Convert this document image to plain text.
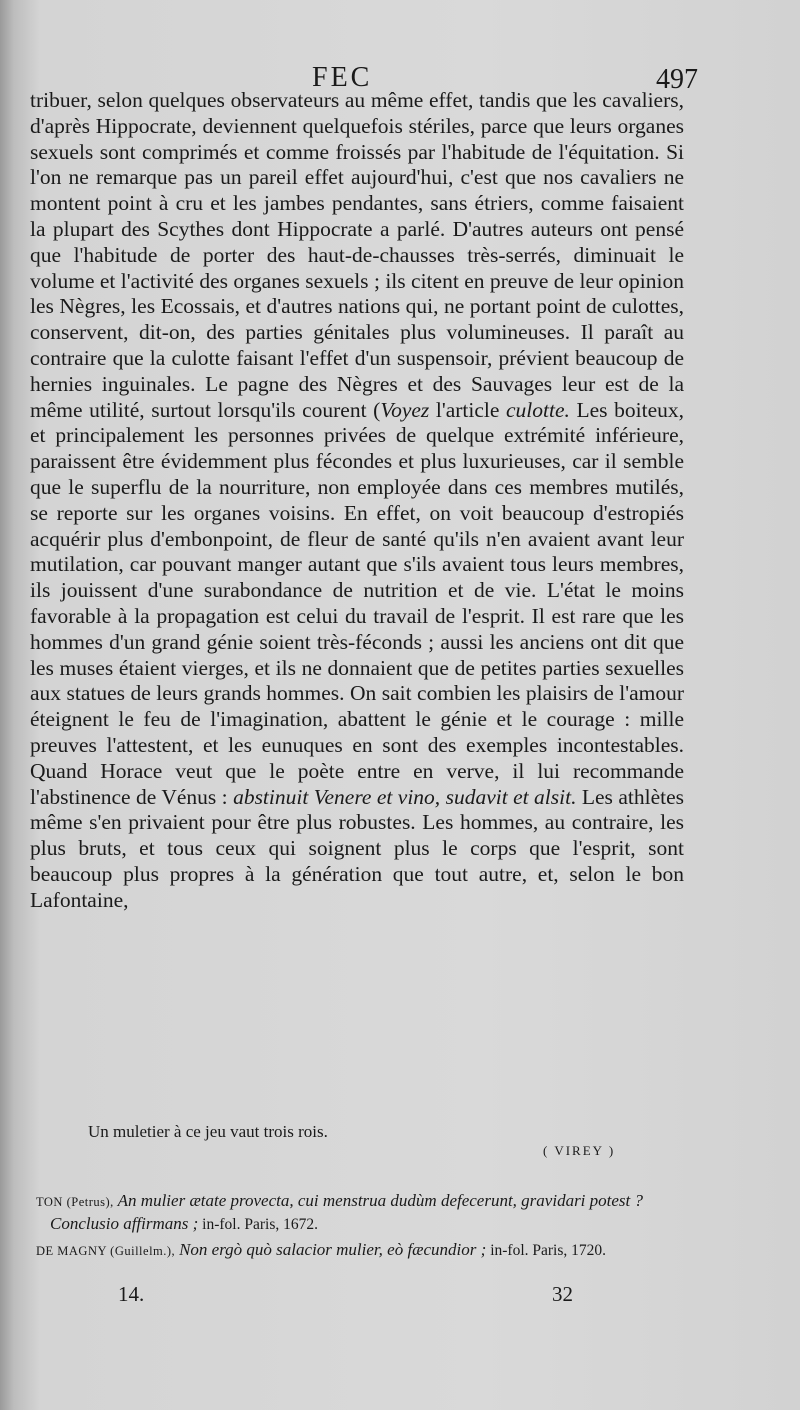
FEC	497

tribuer, selon quelques observateurs au même effet, tandis que les cavaliers, d'après Hippocrate, deviennent quelquefois stériles, parce que leurs organes sexuels sont comprimés et comme froissés par l'habitude de l'équitation. Si l'on ne remarque pas un pareil effet aujourd'hui, c'est que nos cavaliers ne montent point à cru et les jambes pendantes, sans étriers, comme faisaient la plupart des Scythes dont Hippocrate a parlé. D'autres auteurs ont pensé que l'habitude de porter des haut-de-chausses très-serrés, diminuait le volume et l'activité des organes sexuels ; ils citent en preuve de leur opinion les Nègres, les Ecossais, et d'autres nations qui, ne portant point de culottes, conservent, dit-on, des parties génitales plus volumineuses. Il paraît au contraire que la culotte faisant l'effet d'un suspensoir, prévient beaucoup de hernies inguinales. Le pagne des Nègres et des Sauvages leur est de la même utilité, surtout lorsqu'ils courent (Voyez l'article culotte. Les boiteux, et principalement les personnes privées de quelque extrémité inférieure, paraissent être évidemment plus fécondes et plus luxurieuses, car il semble que le superflu de la nourriture, non employée dans ces membres mutilés, se reporte sur les organes voisins. En effet, on voit beaucoup d'estropiés acquérir plus d'embonpoint, de fleur de santé qu'ils n'en avaient avant leur mutilation, car pouvant manger autant que s'ils avaient tous leurs membres, ils jouissent d'une surabondance de nutrition et de vie. L'état le moins favorable à la propagation est celui du travail de l'esprit. Il est rare que les hommes d'un grand génie soient très-féconds ; aussi les anciens ont dit que les muses étaient vierges, et ils ne donnaient que de petites parties sexuelles aux statues de leurs grands hommes. On sait combien les plaisirs de l'amour éteignent le feu de l'imagination, abattent le génie et le courage : mille preuves l'attestent, et les eunuques en sont des exemples incontestables. Quand Horace veut que le poète entre en verve, il lui recommande l'abstinence de Vénus : abstinuit Venere et vino, sudavit et alsit. Les athlètes même s'en privaient pour être plus robustes. Les hommes, au contraire, les plus bruts, et tous ceux qui soignent plus le corps que l'esprit, sont beaucoup plus propres à la génération que tout autre, et, selon le bon Lafontaine,

Un muletier à ce jeu vaut trois rois.
( VIREY )

TON (Petrus), An mulier ætate provecta, cui menstrua dudùm defecerunt, gravidari potest ? Conclusio affirmans ; in-fol. Paris, 1672.

DE MAGNY (Guillelm.), Non ergò quò salacior mulier, eò fæcundior ; in-fol. Paris, 1720.

14.	32
